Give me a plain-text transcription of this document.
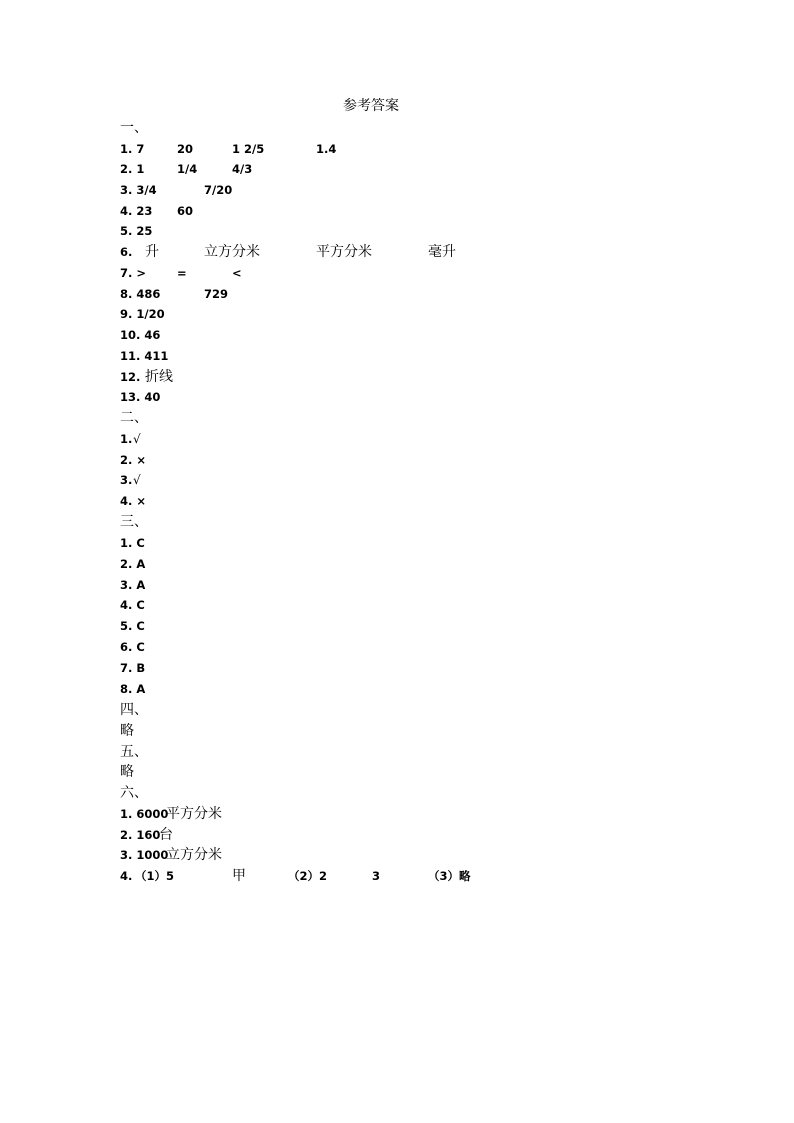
参考答案
一、
1. 7	20	1 2/5	1.4
2. 1	1/4	4/3
3. 3/4	7/20
4. 23 60
5. 25
6. 升	立方分米	平方分米	毫升
7. >	=	<
8. 486	729
9. 1/20
10. 46
11. 411
12. 折线
13. 40
二、
1. √
2. ×
3. √
4. ×
三、
1. C
2. A
3. A
4. C
5. C
6. C
7. B
8. A
四、
略
五、
略
六、
1. 6000
平方分米
2. 160
台
3. 1000
立方分米
4. （1）5	甲	（2）2	3	（3）略
